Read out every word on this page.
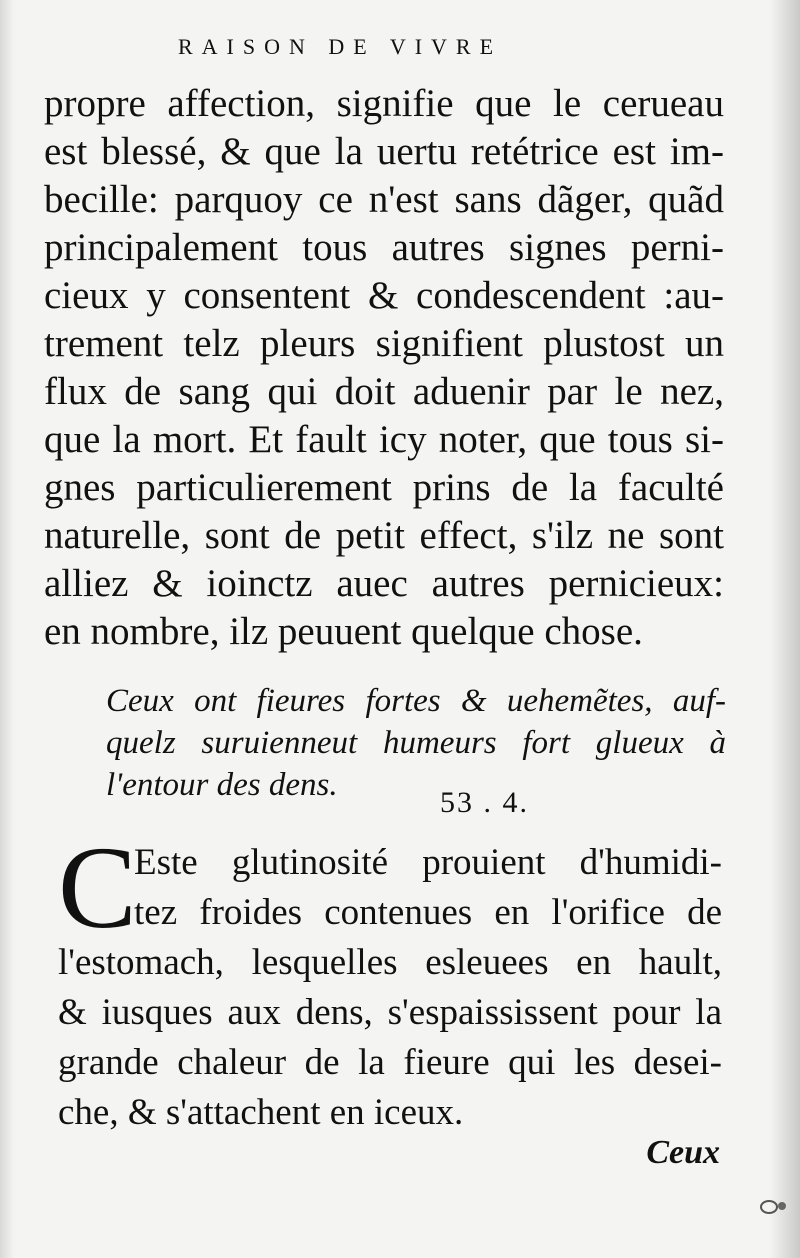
RAISON DE VIVRE
propre affection, signifie que le cerueau
est blessé, & que la uertu retétrice est im-
becille: parquoy ce n'est sans dãger, quãd
principalement tous autres signes perni-
cieux y consentent & condescendent :au-
trement telz pleurs signifient plustost un
flux de sang qui doit aduenir par le nez,
que la mort. Et fault icy noter, que tous si-
gnes particulierement prins de la faculté
naturelle, sont de petit effect, s'ilz ne sont
alliez & ioinctz auec autres pernicieux:
en nombre, ilz peuuent quelque chose.
Ceux ont fieures fortes & uehemẽtes, auf-
quelz suruienneut humeurs fort glueux à
l'entour des dens.	53 . 4.
C
Este glutinosité prouient d'humidi-
tez froides contenues en l'orifice de
l'estomach, lesquelles esleuees en hault,
& iusques aux dens, s'espaississent pour la
grande chaleur de la fieure qui les desei-
che, & s'attachent en iceux.
Ceux
